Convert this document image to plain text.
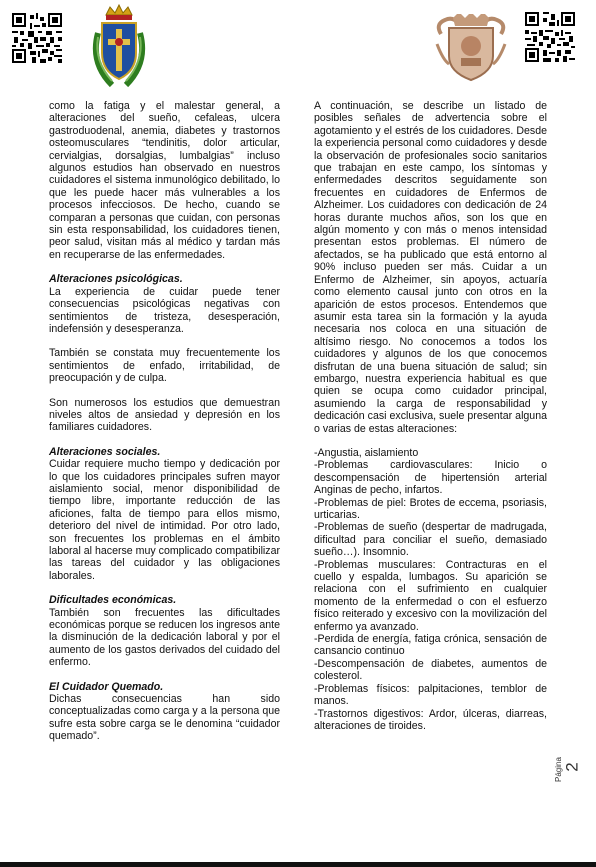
como la fatiga y el malestar general, a alteraciones del sueño, cefaleas, ulcera gastroduodenal, anemia, diabetes y trastornos osteomusculares “tendinitis, dolor articular, cervialgias, dorsalgias, lumbalgias” incluso algunos estudios han observado en nuestros cuidadores el sistema inmunológico debilitado, lo que les puede hacer más vulnerables a los procesos infecciosos. De hecho, cuando se comparan a personas que cuidan, con personas sin esta responsabilidad, los cuidadores tienen, peor salud, visitan más al médico y tardan más en recuperarse de las enfermedades.

Alteraciones psicológicas.

La experiencia de cuidar puede tener consecuencias psicológicas negativas con sentimientos de tristeza, desesperación, indefensión y desesperanza.

También se constata muy frecuentemente los sentimientos de enfado, irritabilidad, de preocupación y de culpa.

Son numerosos los estudios que demuestran niveles altos de ansiedad y depresión en los familiares cuidadores.

Alteraciones sociales.

Cuidar requiere mucho tiempo y dedicación por lo que los cuidadores principales sufren mayor aislamiento social, menor disponibilidad de tiempo libre, importante reducción de las aficiones, falta de tiempo para ellos mismo, deterioro del nivel de intimidad. Por otro lado, son frecuentes los problemas en el ámbito laboral al hacerse muy complicado compatibilizar las tareas del cuidador y las obligaciones laborales.

Dificultades económicas.

También son frecuentes las dificultades económicas porque se reducen los ingresos ante la disminución de la dedicación laboral y por el aumento de los gastos derivados del cuidado del enfermo.

El Cuidador Quemado.

Dichas consecuencias han sido conceptualizadas como carga y a la persona que sufre esta sobre carga se le denomina “cuidador quemado”.

A continuación, se describe un listado de posibles señales de advertencia sobre el agotamiento y el estrés de los cuidadores. Desde la experiencia personal como cuidadores y desde la observación de profesionales socio sanitarios que trabajan en este campo, los síntomas y enfermedades descritos seguidamente son frecuentes en cuidadores de Enfermos de Alzheimer. Los cuidadores con dedicación de 24 horas durante muchos años, son los que en algún momento y con más o menos intensidad presentan estos problemas. El número de afectados, se ha publicado que está entorno al 90% incluso pueden ser más. Cuidar a un Enfermo de Alzheimer, sin apoyos, actuaría como elemento causal junto con otros en la aparición de estos procesos. Entendemos que asumir esta tarea sin la formación y la ayuda necesaria nos coloca en una situación de altísimo riesgo. No conocemos a todos los cuidadores y algunos de los que conocemos disfrutan de una buena situación de salud; sin embargo, nuestra experiencia habitual es que quien se ocupa como cuidador principal, asumiendo la carga de responsabilidad y dedicación casi exclusiva, suele presentar alguna o varias de estas alteraciones:

-Angustia, aislamiento
-Problemas cardiovasculares: Inicio o descompensación de hipertensión arterial Anginas de pecho, infartos.
-Problemas de piel: Brotes de eccema, psoriasis, urticarias.
-Problemas de sueño (despertar de madrugada, dificultad para conciliar el sueño, demasiado sueño…). Insomnio.
-Problemas musculares: Contracturas en el cuello y espalda, lumbagos. Su aparición se relaciona con el sufrimiento en cualquier momento de la enfermedad o con el esfuerzo físico reiterado y excesivo con la movilización del enfermo ya avanzado.
-Perdida de energía, fatiga crónica, sensación de cansancio continuo
-Descompensación de diabetes, aumentos de colesterol.
-Problemas físicos: palpitaciones, temblor de manos.
-Trastornos digestivos: Ardor, úlceras, diarreas, alteraciones de tiroides.
Página 2
